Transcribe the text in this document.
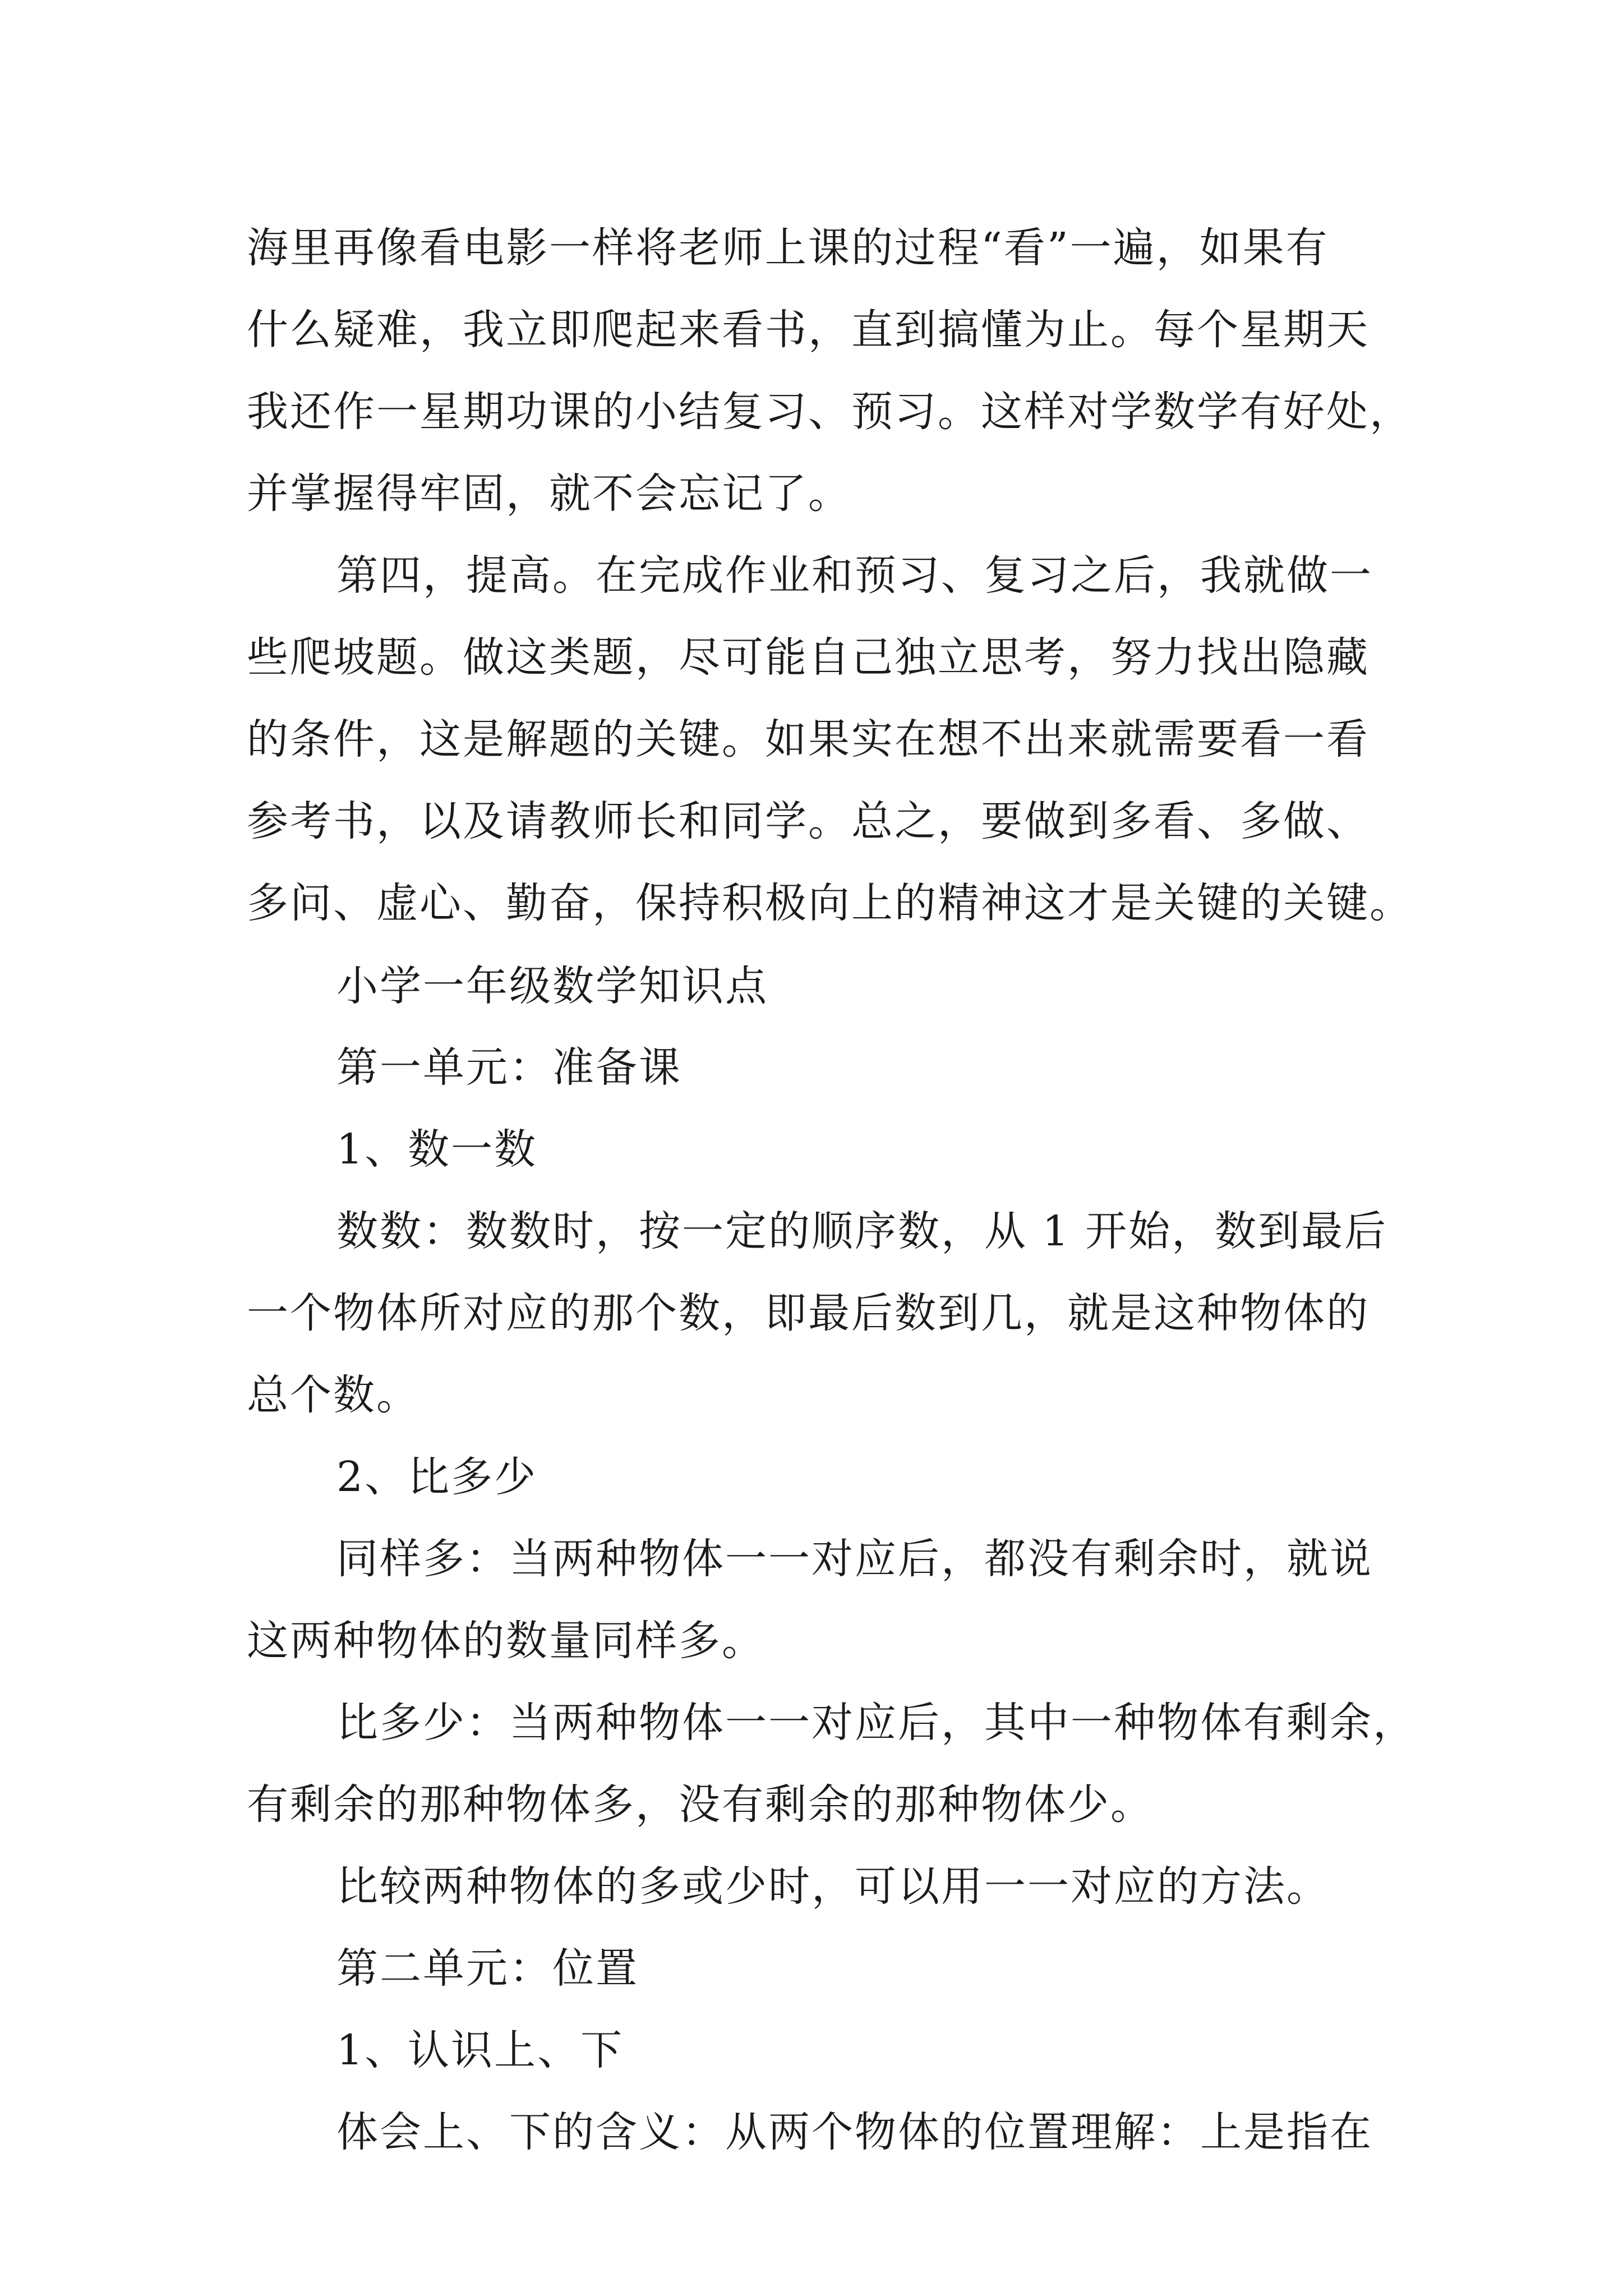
海里再像看电影一样将老师上课的过程“看”一遍，如果有
什么疑难，我立即爬起来看书，直到搞懂为止。每个星期天
我还作一星期功课的小结复习、预习。这样对学数学有好处，
并掌握得牢固，就不会忘记了。
第四，提高。在完成作业和预习、复习之后，我就做一
些爬坡题。做这类题，尽可能自己独立思考，努力找出隐藏
的条件，这是解题的关键。如果实在想不出来就需要看一看
参考书，以及请教师长和同学。总之，要做到多看、多做、
多问、虚心、勤奋，保持积极向上的精神这才是关键的关键。
小学一年级数学知识点
第一单元：准备课
1、数一数
数数：数数时，按一定的顺序数，从 1 开始，数到最后
一个物体所对应的那个数，即最后数到几，就是这种物体的
总个数。
2、比多少
同样多：当两种物体一一对应后，都没有剩余时，就说
这两种物体的数量同样多。
比多少：当两种物体一一对应后，其中一种物体有剩余，
有剩余的那种物体多，没有剩余的那种物体少。
比较两种物体的多或少时，可以用一一对应的方法。
第二单元：位置
1、认识上、下
体会上、下的含义：从两个物体的位置理解：上是指在
